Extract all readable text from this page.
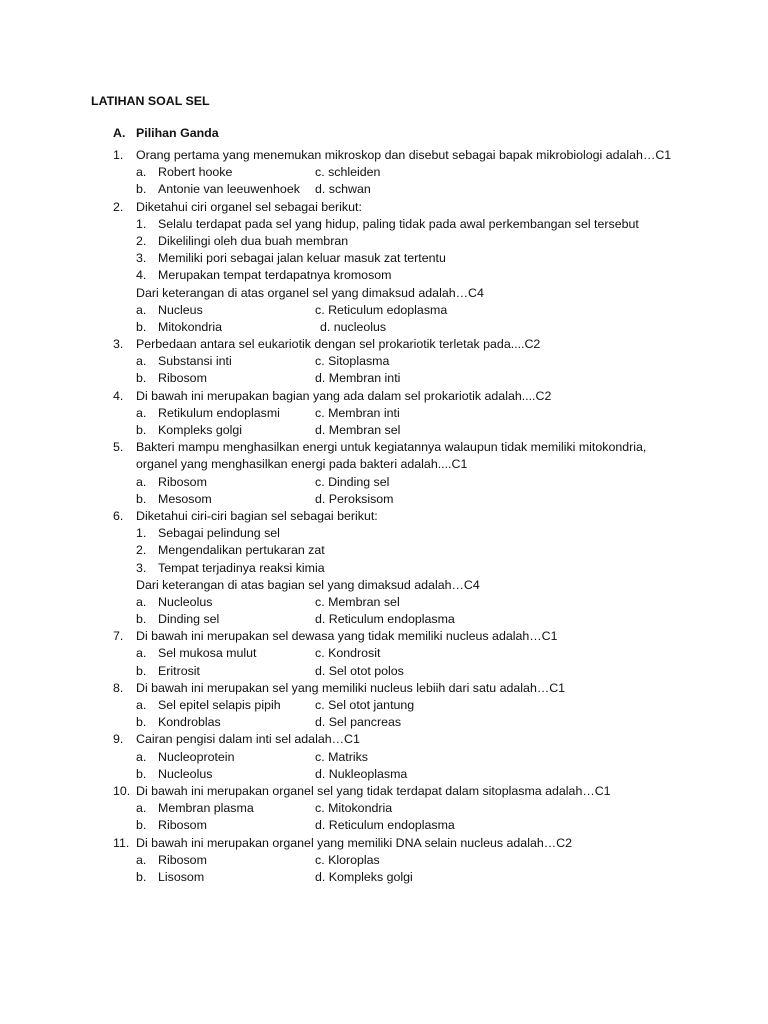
LATIHAN SOAL SEL
A. Pilihan Ganda
1. Orang pertama yang menemukan mikroskop dan disebut sebagai bapak mikrobiologi adalah…C1
a. Robert hooke	c. schleiden
b. Antonie van leeuwenhoek d. schwan
2. Diketahui ciri organel sel sebagai berikut:
1. Selalu terdapat pada sel yang hidup, paling tidak pada awal perkembangan sel tersebut
2. Dikelilingi oleh dua buah membran
3. Memiliki pori sebagai jalan keluar masuk zat tertentu
4. Merupakan tempat terdapatnya kromosom
Dari keterangan di atas organel sel yang dimaksud adalah…C4
a. Nucleus	c. Reticulum edoplasma
b. Mitokondria	d. nucleolus
3. Perbedaan antara sel eukariotik dengan sel prokariotik terletak pada....C2
a. Substansi inti	c. Sitoplasma
b. Ribosom	d. Membran inti
4. Di bawah ini merupakan bagian yang ada dalam sel prokariotik adalah....C2
a. Retikulum endoplasmi	c. Membran inti
b. Kompleks golgi	d. Membran sel
5. Bakteri mampu menghasilkan energi untuk kegiatannya walaupun tidak memiliki mitokondria,
organel yang menghasilkan energi pada bakteri adalah....C1
a. Ribosom	c. Dinding sel
b. Mesosom	d. Peroksisom
6. Diketahui ciri-ciri bagian sel sebagai berikut:
1. Sebagai pelindung sel
2. Mengendalikan pertukaran zat
3. Tempat terjadinya reaksi kimia
Dari keterangan di atas bagian sel yang dimaksud adalah…C4
a. Nucleolus	c. Membran sel
b. Dinding sel	d. Reticulum endoplasma
7. Di bawah ini merupakan sel dewasa yang tidak memiliki nucleus adalah…C1
a. Sel mukosa mulut	c. Kondrosit
b. Eritrosit	d. Sel otot polos
8. Di bawah ini merupakan sel yang memiliki nucleus lebiih dari satu adalah…C1
a. Sel epitel selapis pipih	c. Sel otot jantung
b. Kondroblas	d. Sel pancreas
9. Cairan pengisi dalam inti sel adalah…C1
a. Nucleoprotein	c. Matriks
b. Nucleolus	d. Nukleoplasma
10. Di bawah ini merupakan organel sel yang tidak terdapat dalam sitoplasma adalah…C1
a. Membran plasma	c. Mitokondria
b. Ribosom	d. Reticulum endoplasma
11. Di bawah ini merupakan organel yang memiliki DNA selain nucleus adalah…C2
a. Ribosom	c. Kloroplas
b. Lisosom	d. Kompleks golgi
